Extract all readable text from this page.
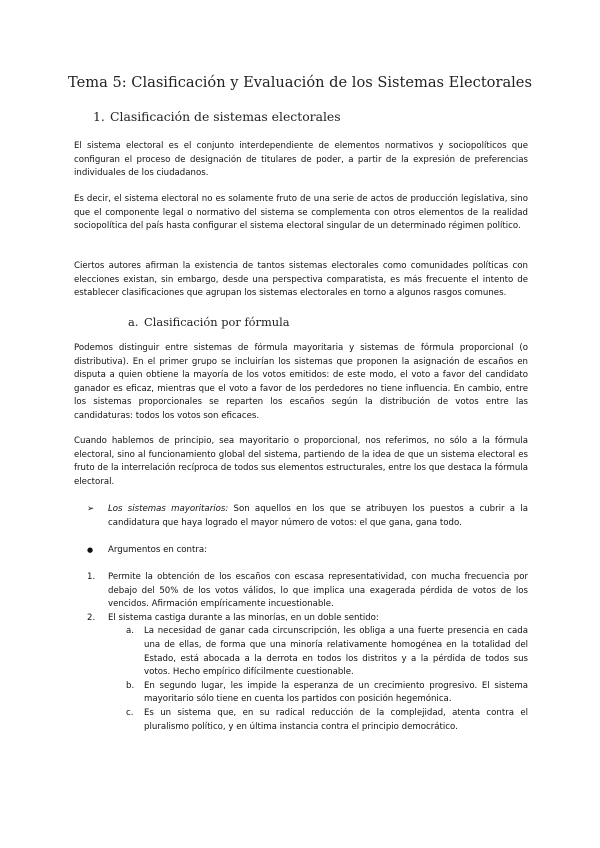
Tema 5: Clasificación y Evaluación de los Sistemas Electorales
1. Clasificación de sistemas electorales

El sistema electoral es el conjunto interdependiente de elementos normativos y sociopolíticos que configuran el proceso de designación de titulares de poder, a partir de la expresión de preferencias individuales de los ciudadanos.

Es decir, el sistema electoral no es solamente fruto de una serie de actos de producción legislativa, sino que el componente legal o normativo del sistema se complementa con otros elementos de la realidad sociopolítica del país hasta configurar el sistema electoral singular de un determinado régimen político.

Ciertos autores afirman la existencia de tantos sistemas electorales como comunidades políticas con elecciones existan, sin embargo, desde una perspectiva comparatista, es más frecuente el intento de establecer clasificaciones que agrupan los sistemas electorales en torno a algunos rasgos comunes.

a. Clasificación por fórmula

Podemos distinguir entre sistemas de fórmula mayoritaria y sistemas de fórmula proporcional (o distributiva). En el primer grupo se incluirían los sistemas que proponen la asignación de escaños en disputa a quien obtiene la mayoría de los votos emitidos: de este modo, el voto a favor del candidato ganador es eficaz, mientras que el voto a favor de los perdedores no tiene influencia. En cambio, entre los sistemas proporcionales se reparten los escaños según la distribución de votos entre las candidaturas: todos los votos son eficaces.

Cuando hablemos de principio, sea mayoritario o proporcional, nos referimos, no sólo a la fórmula electoral, sino al funcionamiento global del sistema, partiendo de la idea de que un sistema electoral es fruto de la interrelación recíproca de todos sus elementos estructurales, entre los que destaca la fórmula electoral.

➢ Los sistemas mayoritarios: Son aquellos en los que se atribuyen los puestos a cubrir a la candidatura que haya logrado el mayor número de votos: el que gana, gana todo.
● Argumentos en contra:
1. Permite la obtención de los escaños con escasa representatividad, con mucha frecuencia por debajo del 50% de los votos válidos, lo que implica una exagerada pérdida de votos de los vencidos. Afirmación empíricamente incuestionable.
2. El sistema castiga durante a las minorías, en un doble sentido:
a. La necesidad de ganar cada circunscripción, les obliga a una fuerte presencia en cada una de ellas, de forma que una minoría relativamente homogénea en la totalidad del Estado, está abocada a la derrota en todos los distritos y a la pérdida de todos sus votos. Hecho empírico difícilmente cuestionable.
b. En segundo lugar, les impide la esperanza de un crecimiento progresivo. El sistema mayoritario sólo tiene en cuenta los partidos con posición hegemónica.
c. Es un sistema que, en su radical reducción de la complejidad, atenta contra el pluralismo político, y en última instancia contra el principio democrático.
